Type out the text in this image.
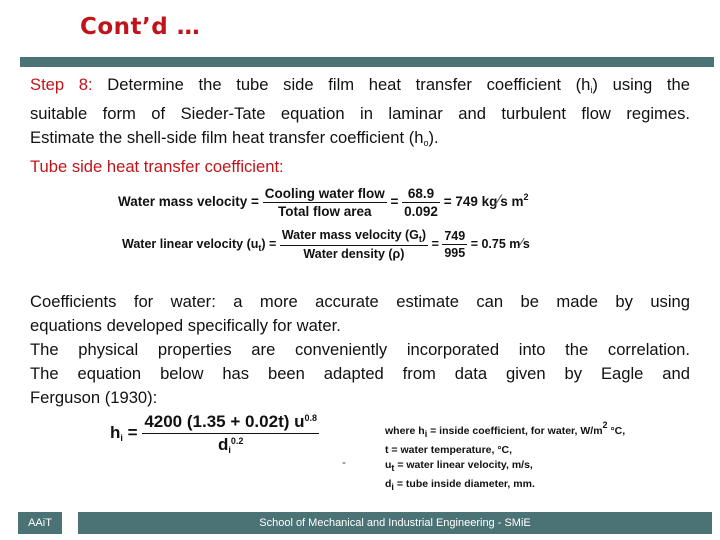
Cont’d …
Step 8: Determine the tube side film heat transfer coefficient $(h_i)$ using the
suitable form of Sieder-Tate equation in laminar and turbulent flow regimes.
Estimate the shell-side film heat transfer coefficient $(h_o)$.
Tube side heat transfer coefficient:
Water mass velocity = $\frac{\text{Cooling water flow}}{\text{Total flow area}} = \frac{68.9}{0.092} = 749$ kg⁄s $m^2$
Water linear velocity $(u_t) = \frac{Water mass velocity (G_t)}{\text{Water density (ρ)}} = \frac{749}{995} = 0.75$ m⁄s
Coefficients for water: a more accurate estimate can be made by using
equations developed specifically for water.
The physical properties are conveniently incorporated into the correlation.
The equation below has been adapted from data given by Eagle and
Ferguson (1930):
$h_i = \frac{4200 (1.35 + 0.02t) u^{0.8}}{d_i^{0.2}}$
-
where hi = inside coefficient, for water, W/m2 °C,
t = water temperature, °C,
ut = water linear velocity, m/s,
di = tube inside diameter, mm.
AAiT	School of Mechanical and Industrial Engineering - SMiE
